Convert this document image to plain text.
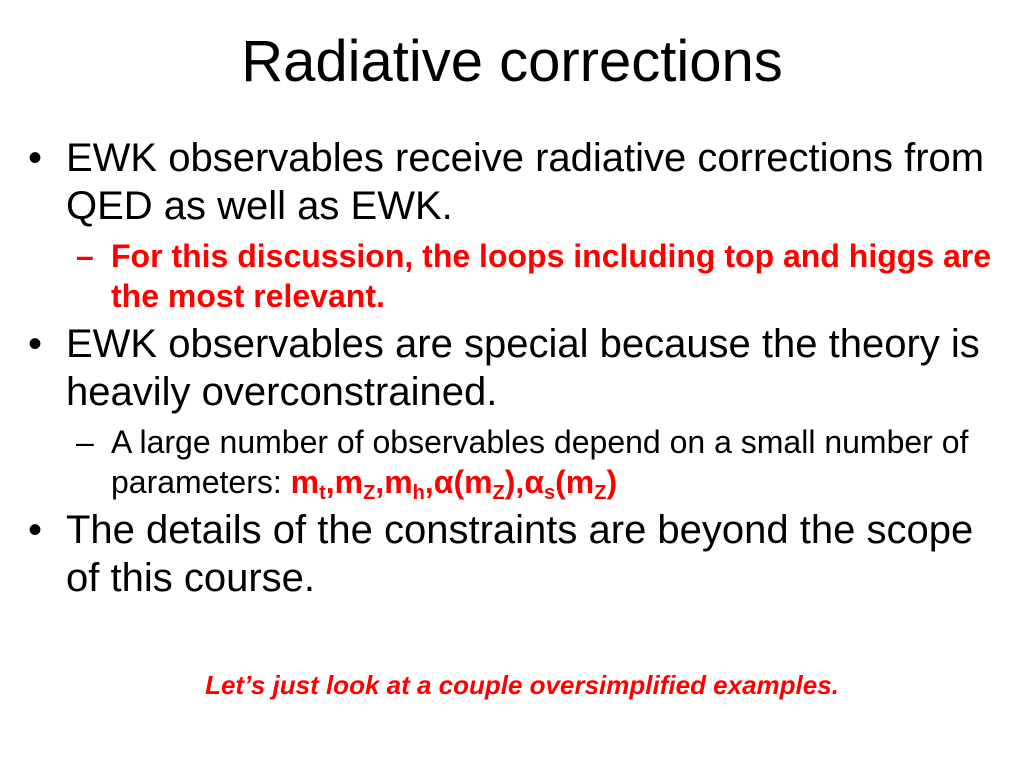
Radiative corrections
• EWK observables receive radiative corrections from QED as well as EWK.
– For this discussion, the loops including top and higgs are the most relevant.
• EWK observables are special because the theory is heavily overconstrained.
– A large number of observables depend on a small number of parameters: $m_t,m_Z,m_h,\alpha(m_Z),\alpha_s(m_Z)$
• The details of the constraints are beyond the scope of this course.
Let’s just look at a couple oversimplified examples.
